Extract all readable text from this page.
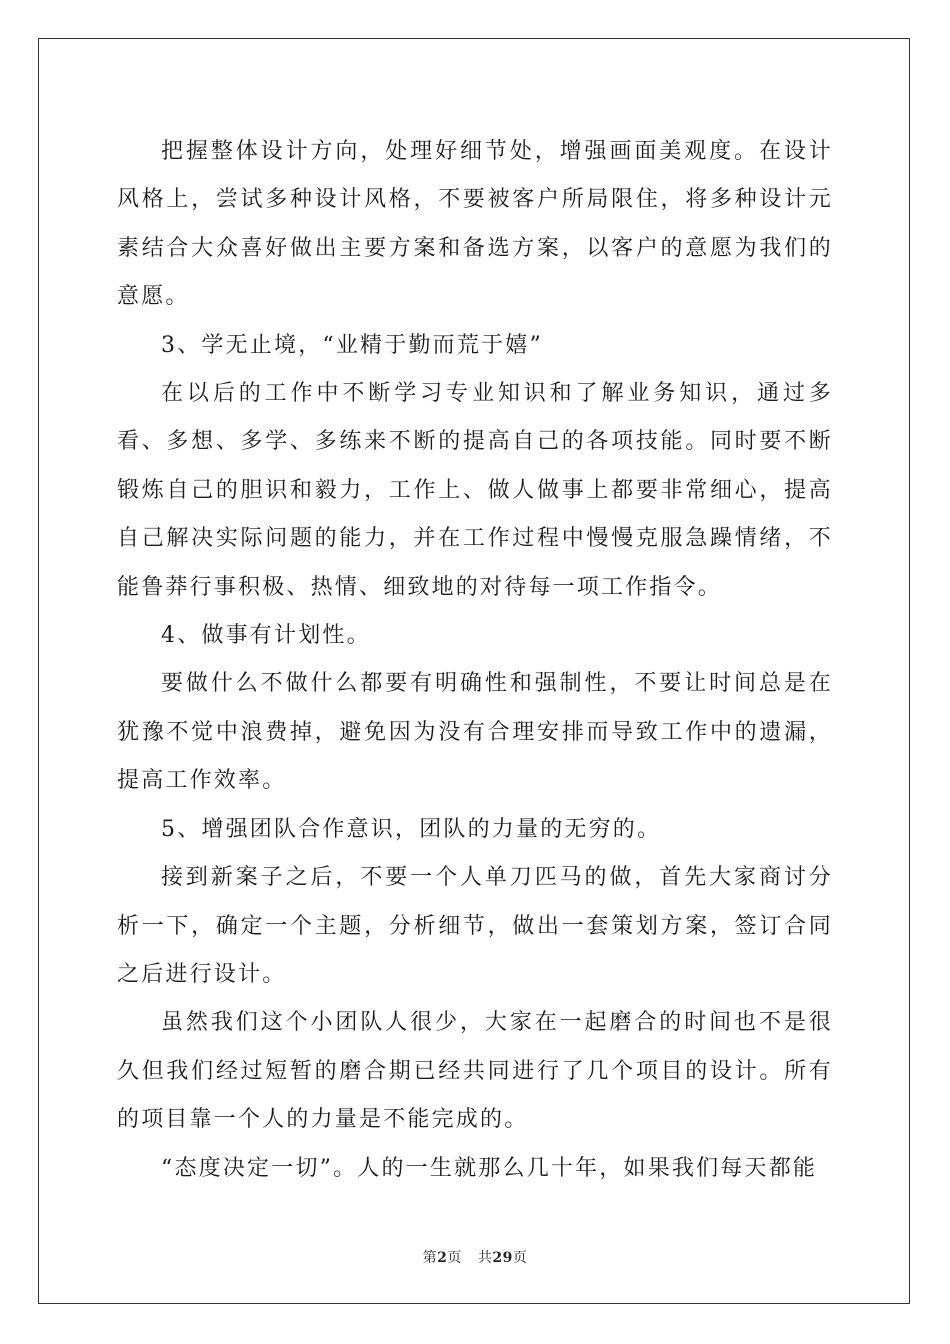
把握整体设计方向，处理好细节处，增强画面美观度。在设计风格上，尝试多种设计风格，不要被客户所局限住，将多种设计元素结合大众喜好做出主要方案和备选方案，以客户的意愿为我们的意愿。

3、学无止境，“业精于勤而荒于嬉”

在以后的工作中不断学习专业知识和了解业务知识，通过多看、多想、多学、多练来不断的提高自己的各项技能。同时要不断锻炼自己的胆识和毅力，工作上、做人做事上都要非常细心，提高自己解决实际问题的能力，并在工作过程中慢慢克服急躁情绪，不能鲁莽行事积极、热情、细致地的对待每一项工作指令。

4、做事有计划性。

要做什么不做什么都要有明确性和强制性，不要让时间总是在犹豫不觉中浪费掉，避免因为没有合理安排而导致工作中的遗漏，提高工作效率。

5、增强团队合作意识，团队的力量的无穷的。

接到新案子之后，不要一个人单刀匹马的做，首先大家商讨分析一下，确定一个主题，分析细节，做出一套策划方案，签订合同之后进行设计。

虽然我们这个小团队人很少，大家在一起磨合的时间也不是很久但我们经过短暂的磨合期已经共同进行了几个项目的设计。所有的项目靠一个人的力量是不能完成的。

“态度决定一切”。人的一生就那么几十年，如果我们每天都能

第2页 共29页
